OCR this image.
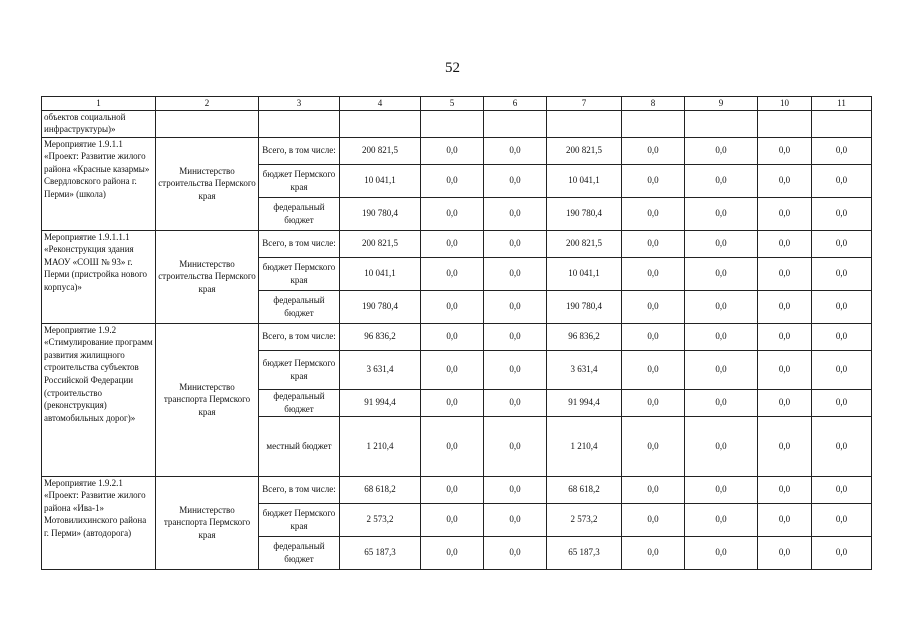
52
1	2	3	4	5	6	7	8	9	10	11
объектов социальной инфраструктуры)»										
Мероприятие 1.9.1.1 «Проект: Развитие жилого района «Красные казармы» Свердловского района г. Перми» (школа)	Министерство строительства Пермского края	Всего, в том числе:	200 821,5	0,0	0,0	200 821,5	0,0	0,0	0,0	0,0
		бюджет Пермского края	10 041,1	0,0	0,0	10 041,1	0,0	0,0	0,0	0,0
		федеральный бюджет	190 780,4	0,0	0,0	190 780,4	0,0	0,0	0,0	0,0
Мероприятие 1.9.1.1.1 «Реконструкция здания МАОУ «СОШ № 93» г. Перми (пристройка нового корпуса)»	Министерство строительства Пермского края	Всего, в том числе:	200 821,5	0,0	0,0	200 821,5	0,0	0,0	0,0	0,0
		бюджет Пермского края	10 041,1	0,0	0,0	10 041,1	0,0	0,0	0,0	0,0
		федеральный бюджет	190 780,4	0,0	0,0	190 780,4	0,0	0,0	0,0	0,0
Мероприятие 1.9.2 «Стимулирование программ развития жилищного строительства субъектов Российской Федерации (строительство (реконструкция) автомобильных дорог)»	Министерство транспорта Пермского края	Всего, в том числе:	96 836,2	0,0	0,0	96 836,2	0,0	0,0	0,0	0,0
		бюджет Пермского края	3 631,4	0,0	0,0	3 631,4	0,0	0,0	0,0	0,0
		федеральный бюджет	91 994,4	0,0	0,0	91 994,4	0,0	0,0	0,0	0,0
		местный бюджет	1 210,4	0,0	0,0	1 210,4	0,0	0,0	0,0	0,0
Мероприятие 1.9.2.1 «Проект: Развитие жилого района «Ива-1» Мотовилихинского района г. Перми» (автодорога)	Министерство транспорта Пермского края	Всего, в том числе:	68 618,2	0,0	0,0	68 618,2	0,0	0,0	0,0	0,0
		бюджет Пермского края	2 573,2	0,0	0,0	2 573,2	0,0	0,0	0,0	0,0
		федеральный бюджет	65 187,3	0,0	0,0	65 187,3	0,0	0,0	0,0	0,0
